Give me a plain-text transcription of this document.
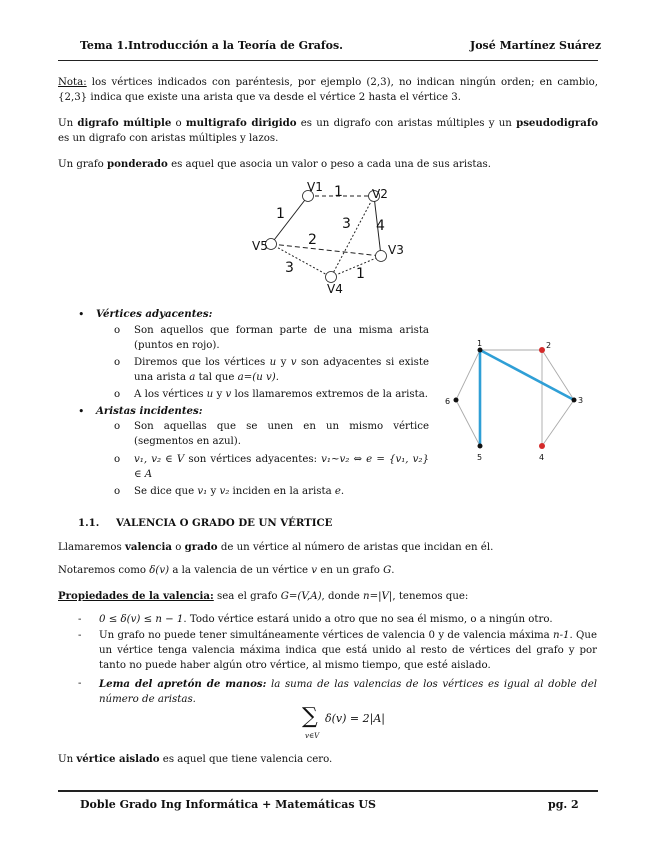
Tema 1.Introducción a la Teoría de Grafos.	José Martínez Suárez
Nota: los vértices indicados con paréntesis, por ejemplo (2,3), no indican ningún orden; en cambio, {2,3} indica que existe una arista que va desde el vértice 2 hasta el vértice 3.
Un digrafo múltiple o multigrafo dirigido es un digrafo con aristas múltiples y un pseudodigrafo es un digrafo con aristas múltiples y lazos.
Un grafo ponderado es aquel que asocia un valor o peso a cada una de sus aristas.
V1	V2
V3
V4
V5
1
1
3 4
2
3	1
1	2
3
4
5
6
• Vértices adyacentes:
o Son aquellos que forman parte de una misma arista (puntos en rojo).
o Diremos que los vértices u y v son adyacentes si existe una arista a tal que a=(u v).
o A los vértices u y v los llamaremos extremos de la arista.
• Aristas incidentes:
o Son aquellas que se unen en un mismo vértice (segmentos en azul).
o v₁, v₂ ∈ V son vértices adyacentes: v₁~v₂ ⇔ e = {v₁, v₂} ∈ A
o Se dice que v₁ y v₂ inciden en la arista e.
1.1. VALENCIA O GRADO DE UN VÉRTICE
Llamaremos valencia o grado de un vértice al número de aristas que incidan en él.
Notaremos como δ(v) a la valencia de un vértice v en un grafo G.
Propiedades de la valencia: sea el grafo G=(V,A), donde n=|V|, tenemos que:
- 0 ≤ δ(v) ≤ n − 1. Todo vértice estará unido a otro que no sea él mismo, o a ningún otro.
- Un grafo no puede tener simultáneamente vértices de valencia 0 y de valencia máxima n-1. Que un vértice tenga valencia máxima indica que está unido al resto de vértices del grafo y por tanto no puede haber algún otro vértice, al mismo tiempo, que esté aislado.
- Lema del apretón de manos: la suma de las valencias de los vértices es igual al doble del número de aristas.
∑
v∈V
δ(v) = 2|A|
Un vértice aislado es aquel que tiene valencia cero.
Doble Grado Ing Informática + Matemáticas US	pg. 2
